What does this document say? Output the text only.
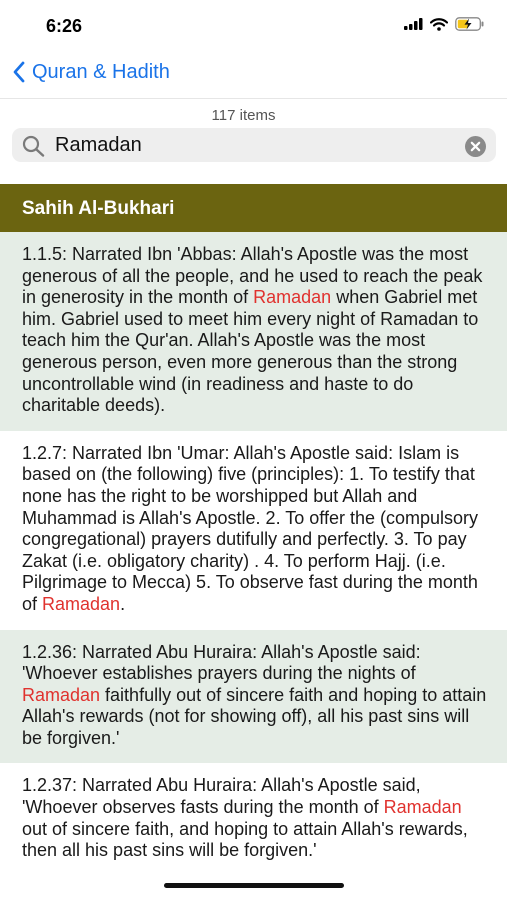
6:26
Quran & Hadith
117 items
Ramadan
Sahih Al-Bukhari
1.1.5: Narrated Ibn 'Abbas: Allah's Apostle was the most generous of all the people, and he used to reach the peak in generosity in the month of Ramadan when Gabriel met him. Gabriel used to meet him every night of Ramadan to teach him the Qur'an. Allah's Apostle was the most generous person, even more generous than the strong uncontrollable wind (in readiness and haste to do charitable deeds).
1.2.7: Narrated Ibn 'Umar: Allah's Apostle said: Islam is based on (the following) five (principles): 1. To testify that none has the right to be worshipped but Allah and Muhammad is Allah's Apostle. 2. To offer the (compulsory congregational) prayers dutifully and perfectly. 3. To pay Zakat (i.e. obligatory charity) . 4. To perform Hajj. (i.e. Pilgrimage to Mecca) 5. To observe fast during the month of Ramadan.
1.2.36: Narrated Abu Huraira: Allah's Apostle said: 'Whoever establishes prayers during the nights of Ramadan faithfully out of sincere faith and hoping to attain Allah's rewards (not for showing off), all his past sins will be forgiven.'
1.2.37: Narrated Abu Huraira: Allah's Apostle said, 'Whoever observes fasts during the month of Ramadan out of sincere faith, and hoping to attain Allah's rewards, then all his past sins will be forgiven.'
